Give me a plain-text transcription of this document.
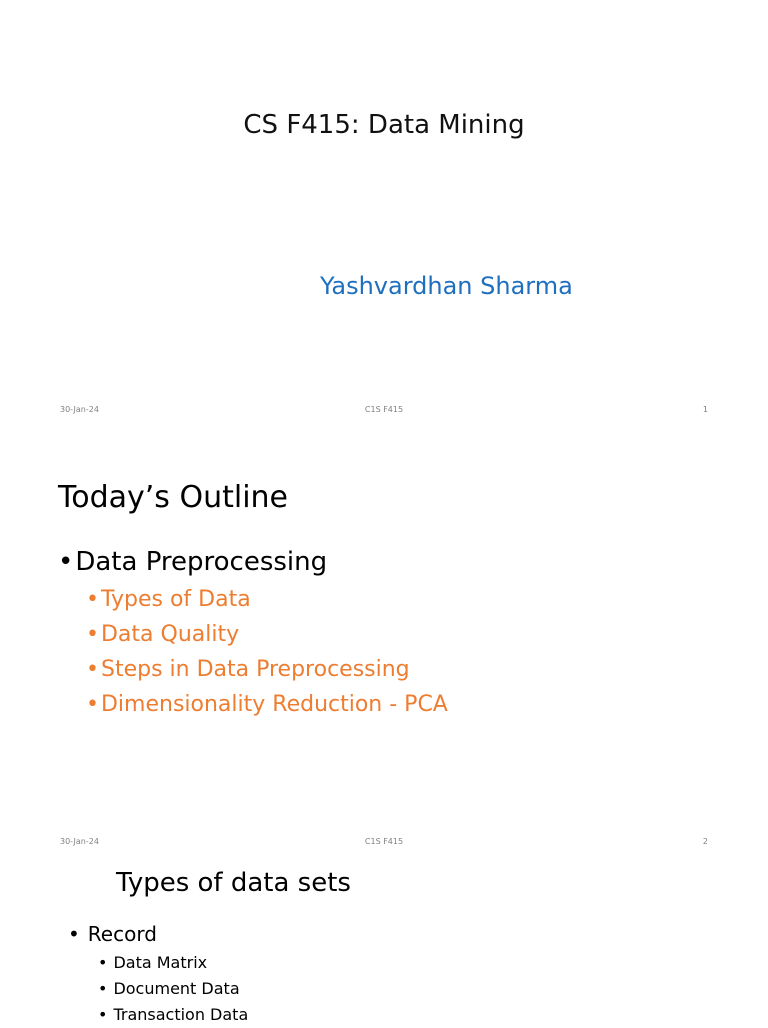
CS F415: Data Mining
Yashvardhan Sharma
30-Jan-24	C1S F415	1
Today’s Outline
•Data Preprocessing
•Types of Data
•Data Quality
•Steps in Data Preprocessing
•Dimensionality Reduction - PCA
30-Jan-24	C1S F415	2
Types of data sets
• Record
• Data Matrix
• Document Data
• Transaction Data
